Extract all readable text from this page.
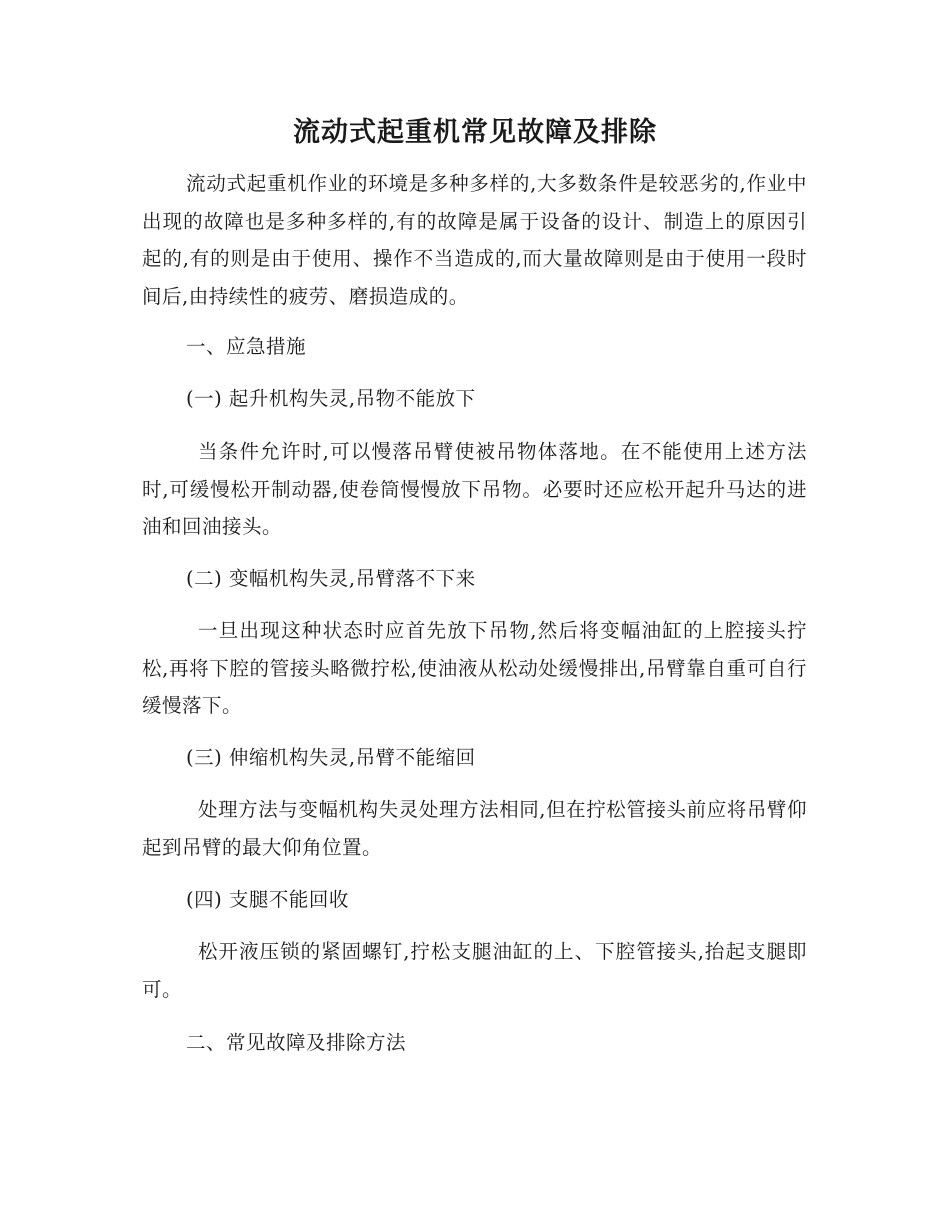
流动式起重机常见故障及排除

流动式起重机作业的环境是多种多样的,大多数条件是较恶劣的,作业中出现的故障也是多种多样的,有的故障是属于设备的设计、制造上的原因引起的,有的则是由于使用、操作不当造成的,而大量故障则是由于使用一段时间后,由持续性的疲劳、磨损造成的。

一、应急措施

(一) 起升机构失灵,吊物不能放下

当条件允许时,可以慢落吊臂使被吊物体落地。在不能使用上述方法时,可缓慢松开制动器,使卷筒慢慢放下吊物。必要时还应松开起升马达的进油和回油接头。

(二) 变幅机构失灵,吊臂落不下来

一旦出现这种状态时应首先放下吊物,然后将变幅油缸的上腔接头拧松,再将下腔的管接头略微拧松,使油液从松动处缓慢排出,吊臂靠自重可自行缓慢落下。

(三) 伸缩机构失灵,吊臂不能缩回

处理方法与变幅机构失灵处理方法相同,但在拧松管接头前应将吊臂仰起到吊臂的最大仰角位置。

(四) 支腿不能回收

松开液压锁的紧固螺钉,拧松支腿油缸的上、下腔管接头,抬起支腿即可。

二、常见故障及排除方法
